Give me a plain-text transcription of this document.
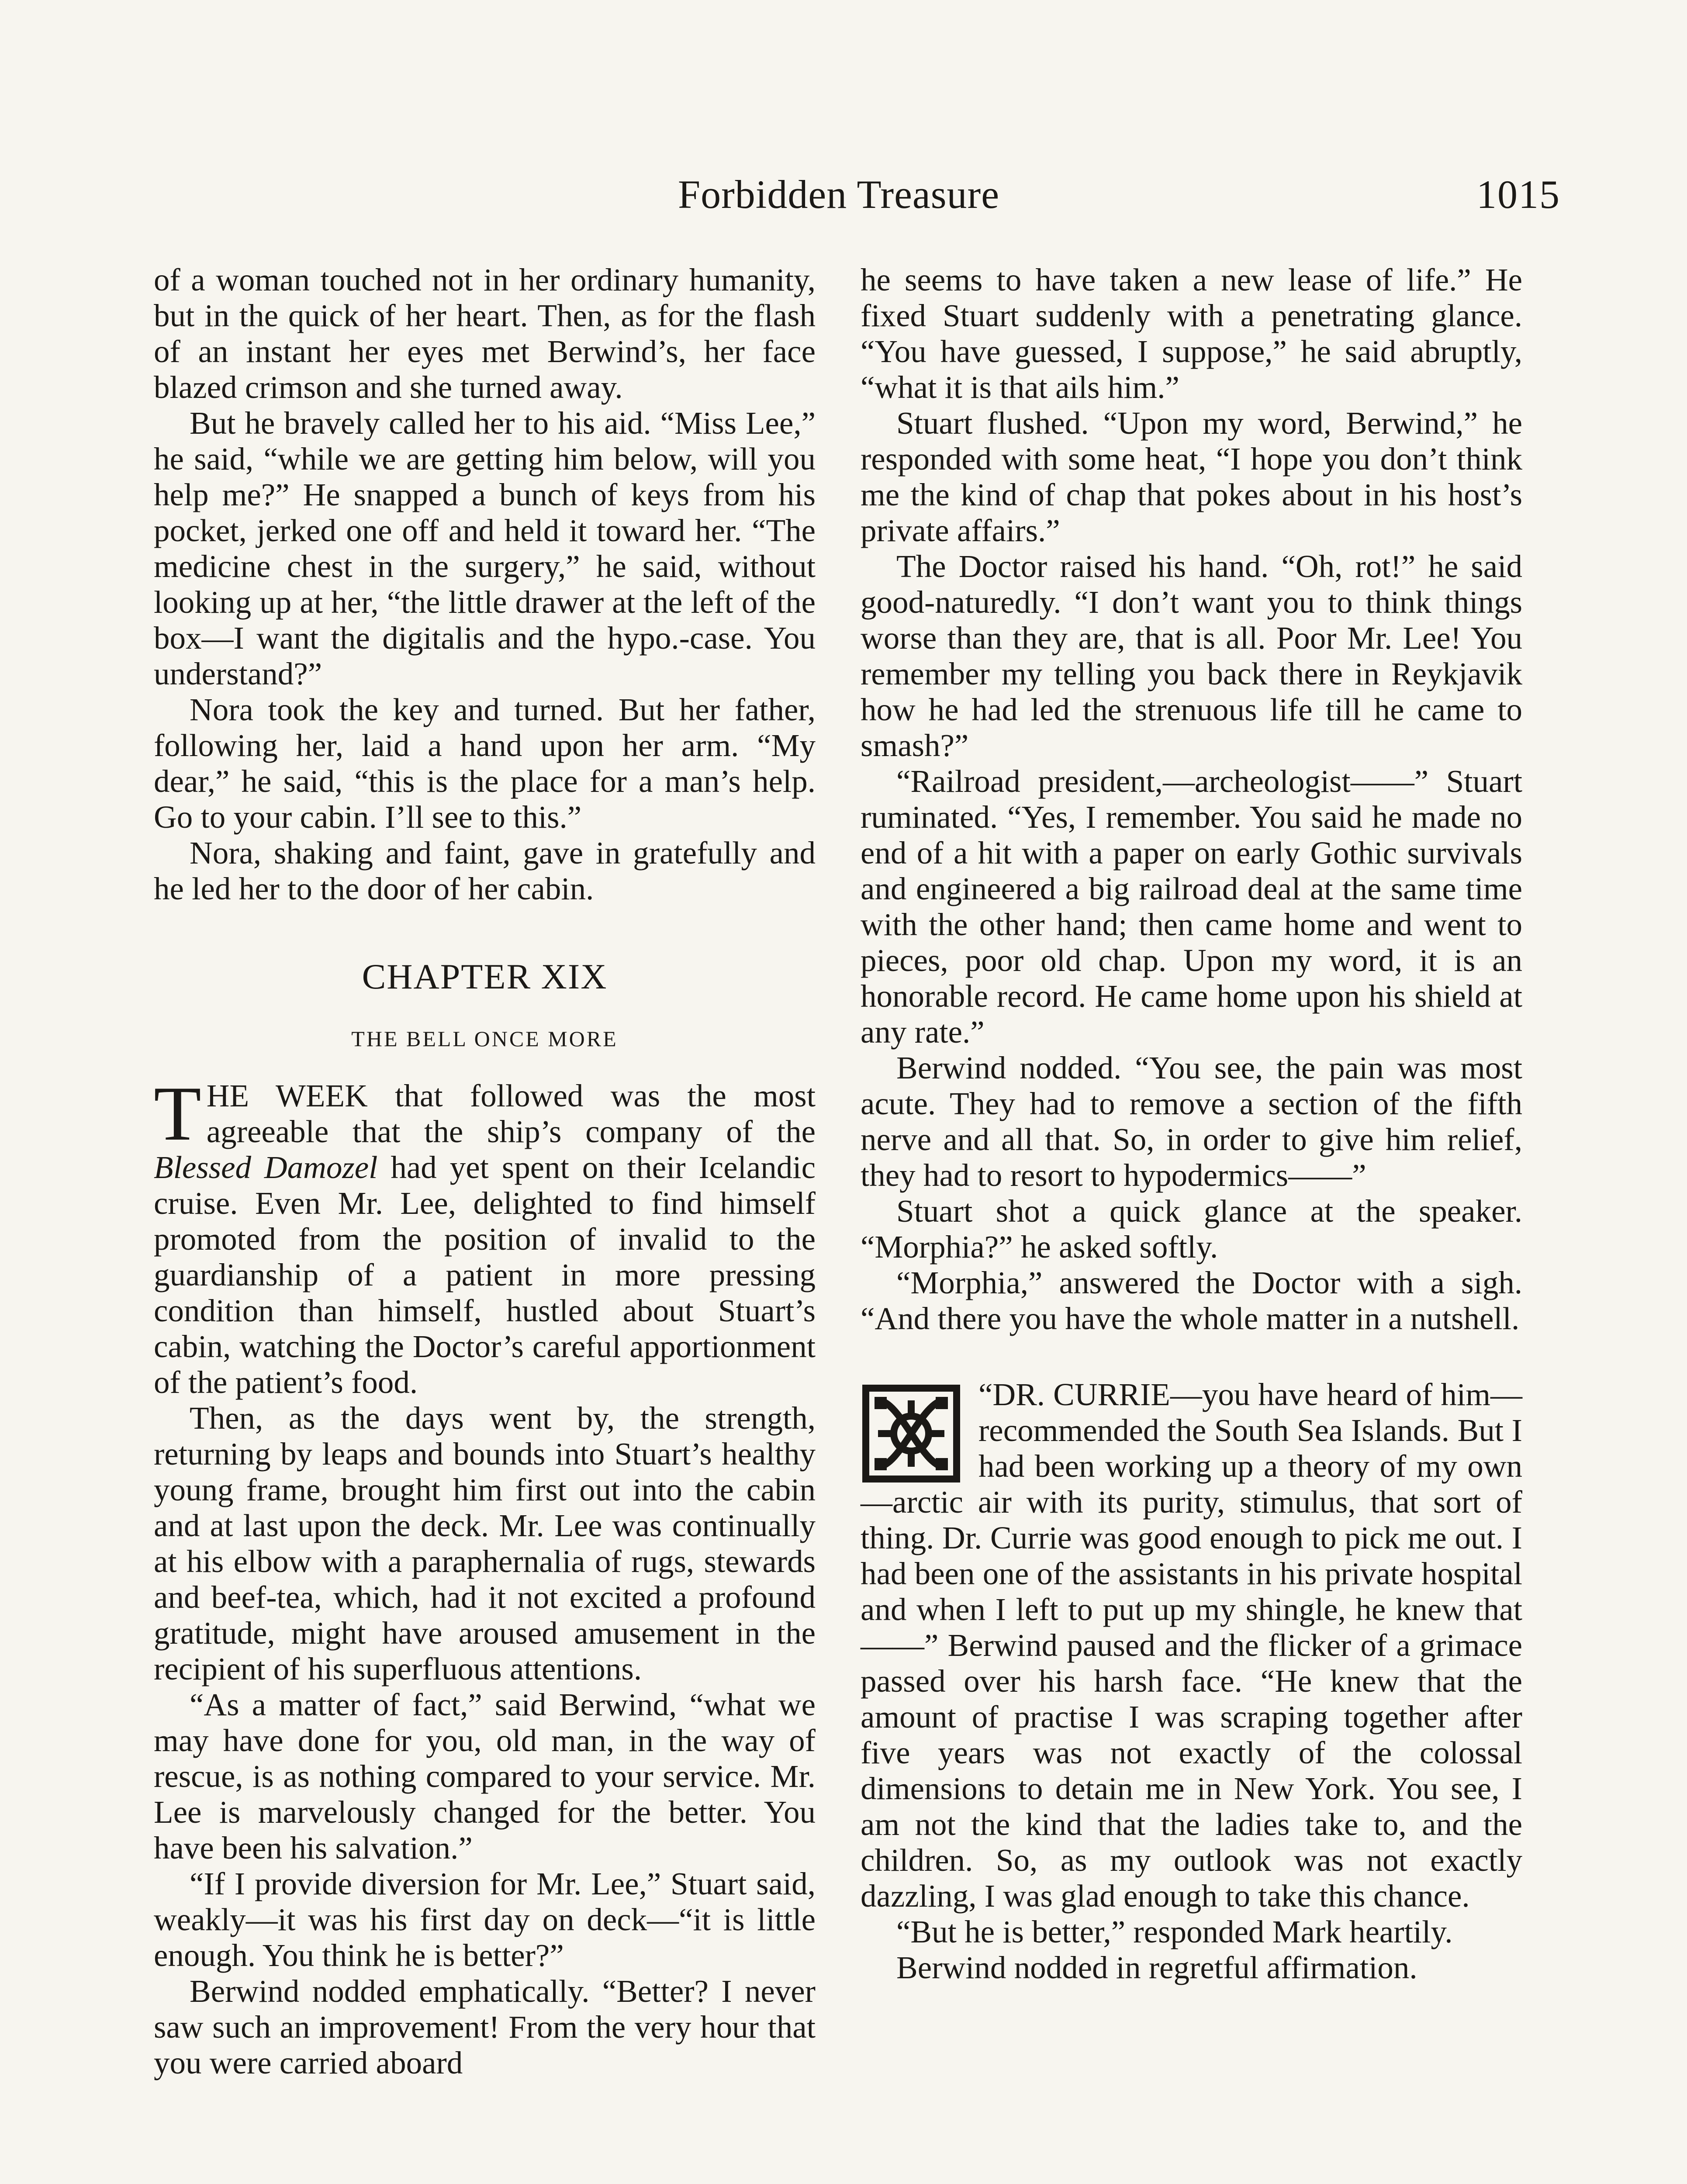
Forbidden Treasure	1015

of a woman touched not in her ordinary humanity, but in the quick of her heart. Then, as for the flash of an instant her eyes met Berwind’s, her face blazed crimson and she turned away.

But he bravely called her to his aid. “Miss Lee,” he said, “while we are getting him below, will you help me?” He snapped a bunch of keys from his pocket, jerked one off and held it toward her. “The medicine chest in the surgery,” he said, without looking up at her, “the little drawer at the left of the box—I want the digitalis and the hypo.-case. You understand?”

Nora took the key and turned. But her father, following her, laid a hand upon her arm. “My dear,” he said, “this is the place for a man’s help. Go to your cabin. I’ll see to this.”

Nora, shaking and faint, gave in gratefully and he led her to the door of her cabin.

CHAPTER XIX
THE BELL ONCE MORE

THE WEEK that followed was the most agreeable that the ship’s company of the Blessed Damozel had yet spent on their Icelandic cruise. Even Mr. Lee, delighted to find himself promoted from the position of invalid to the guardianship of a patient in more pressing condition than himself, hustled about Stuart’s cabin, watching the Doctor’s careful apportionment of the patient’s food.

Then, as the days went by, the strength, returning by leaps and bounds into Stuart’s healthy young frame, brought him first out into the cabin and at last upon the deck. Mr. Lee was continually at his elbow with a paraphernalia of rugs, stewards and beef-tea, which, had it not excited a profound gratitude, might have aroused amusement in the recipient of his superfluous attentions.

“As a matter of fact,” said Berwind, “what we may have done for you, old man, in the way of rescue, is as nothing compared to your service. Mr. Lee is marvelously changed for the better. You have been his salvation.”

“If I provide diversion for Mr. Lee,” Stuart said, weakly—it was his first day on deck—“it is little enough. You think he is better?”

Berwind nodded emphatically. “Better? I never saw such an improvement! From the very hour that you were carried aboard

he seems to have taken a new lease of life.” He fixed Stuart suddenly with a penetrating glance. “You have guessed, I suppose,” he said abruptly, “what it is that ails him.”

Stuart flushed. “Upon my word, Berwind,” he responded with some heat, “I hope you don’t think me the kind of chap that pokes about in his host’s private affairs.”

The Doctor raised his hand. “Oh, rot!” he said good-naturedly. “I don’t want you to think things worse than they are, that is all. Poor Mr. Lee! You remember my telling you back there in Reykjavik how he had led the strenuous life till he came to smash?”

“Railroad president,—archeologist——” Stuart ruminated. “Yes, I remember. You said he made no end of a hit with a paper on early Gothic survivals and engineered a big railroad deal at the same time with the other hand; then came home and went to pieces, poor old chap. Upon my word, it is an honorable record. He came home upon his shield at any rate.”

Berwind nodded. “You see, the pain was most acute. They had to remove a section of the fifth nerve and all that. So, in order to give him relief, they had to resort to hypodermics——”

Stuart shot a quick glance at the speaker. “Morphia?” he asked softly.

“Morphia,” answered the Doctor with a sigh. “And there you have the whole matter in a nutshell.

“DR. CURRIE—you have heard of him—recommended the South Sea Islands. But I had been working up a theory of my own—arctic air with its purity, stimulus, that sort of thing. Dr. Currie was good enough to pick me out. I had been one of the assistants in his private hospital and when I left to put up my shingle, he knew that——” Berwind paused and the flicker of a grimace passed over his harsh face. “He knew that the amount of practise I was scraping together after five years was not exactly of the colossal dimensions to detain me in New York. You see, I am not the kind that the ladies take to, and the children. So, as my outlook was not exactly dazzling, I was glad enough to take this chance.

“But he is better,” responded Mark heartily.

Berwind nodded in regretful affirmation.
